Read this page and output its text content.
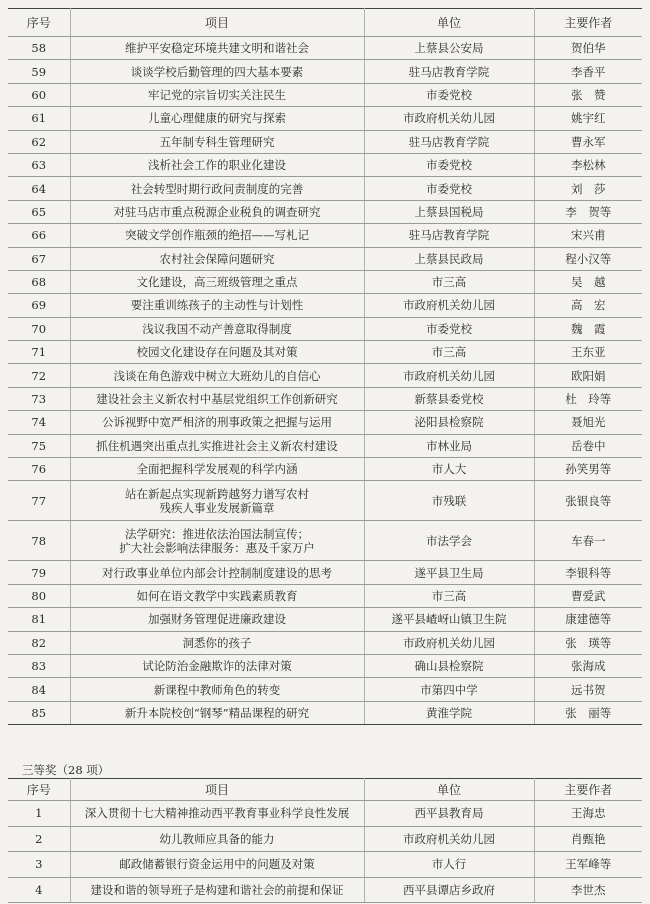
序号	项目	单位	主要作者
58	维护平安稳定环境共建文明和谐社会	上蔡县公安局	贺伯华
59	谈谈学校后勤管理的四大基本要素	驻马店教育学院	李香平
60	牢记党的宗旨切实关注民生	市委党校	张　赞
61	儿童心理健康的研究与探索	市政府机关幼儿园	姚宇红
62	五年制专科生管理研究	驻马店教育学院	曹永军
63	浅析社会工作的职业化建设	市委党校	李松林
64	社会转型时期行政问责制度的完善	市委党校	刘　莎
65	对驻马店市重点税源企业税負的调查研究	上蔡县国税局	李　贺等
66	突破文学创作瓶颈的绝招——写札记	驻马店教育学院	宋兴甫
67	农村社会保障问题研究	上蔡县民政局	程小汉等
68	文化建设，高三班级管理之重点	市三高	吴　越
69	要注重训练孩子的主动性与计划性	市政府机关幼儿园	高　宏
70	浅议我国不动产善意取得制度	市委党校	魏　霞
71	校园文化建设存在问题及其对策	市三高	王东亚
72	浅谈在角色游戏中树立大班幼儿的自信心	市政府机关幼儿园	欧阳娟
73	建设社会主义新农村中基层党组织工作创新研究	新蔡县委党校	杜　玲等
74	公诉视野中宽严相济的刑事政策之把握与运用	泌阳县检察院	聂旭光
75	抓住机遇突出重点扎实推进社会主义新农村建设	市林业局	岳卷中
76	全面把握科学发展观的科学内涵	市人大	孙笑男等
77	站在新起点实现新跨越努力谱写农村
残疾人事业发展新篇章	市残联	张银良等
78	法学研究：推进依法治国法制宣传；
扩大社会影响法律服务：惠及千家万户	市法学会	车春一
79	对行政事业单位内部会计控制制度建设的思考	遂平县卫生局	李银科等
80	如何在语文教学中实践素质教育	市三高	曹爱武
81	加强财务管理促进廉政建设	遂平县嵖岈山镇卫生院	康建德等
82	洞悉你的孩子	市政府机关幼儿园	张　瑛等
83	试论防治金融欺诈的法律对策	确山县检察院	张海成
84	新课程中教师角色的转变	市第四中学	远书贺
85	新升本院校创“钢琴”精品课程的研究	黄淮学院	张　丽等
三等奖（28 项）
序号	项目	单位	主要作者
1	深入贯彻十七大精神推动西平教育事业科学良性发展	西平县教育局	王海忠
2	幼儿教师应具备的能力	市政府机关幼儿园	肖甄艳
3	邮政储蓄银行资金运用中的问题及对策	市人行	王军峰等
4	建设和谐的领导班子是构建和谐社会的前提和保证	西平县谭店乡政府	李世杰
